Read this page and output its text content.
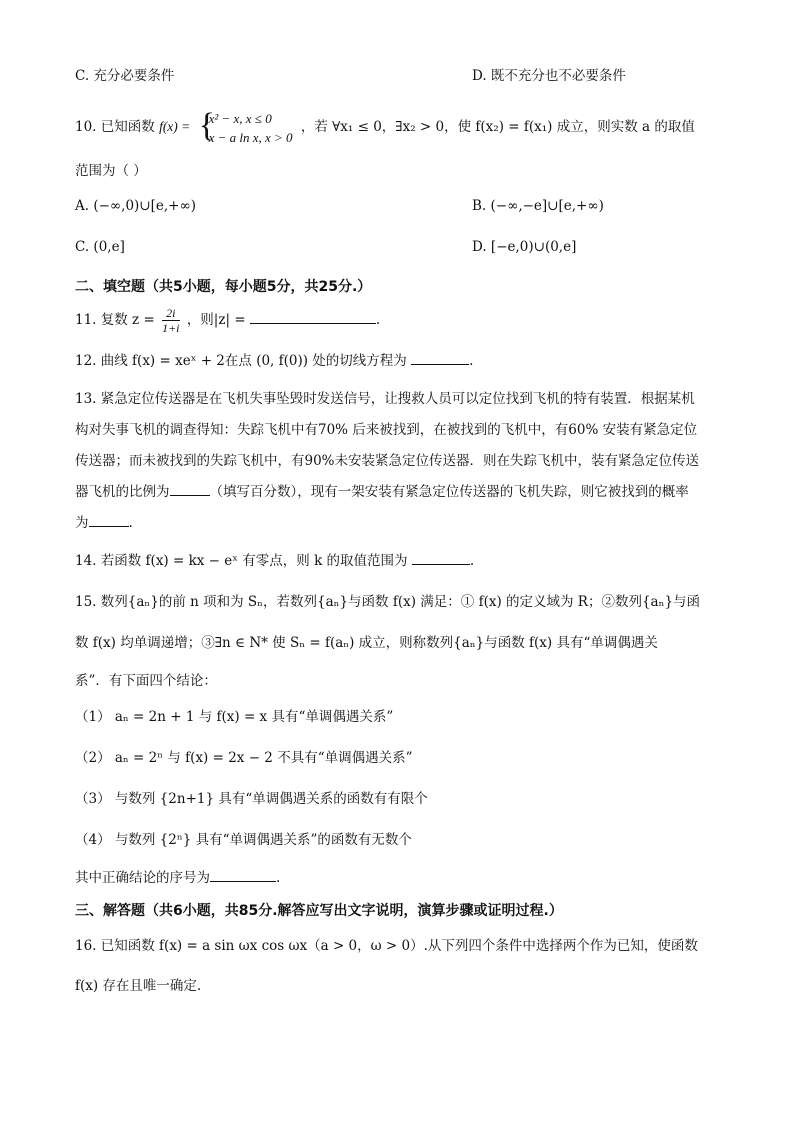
C. 充分必要条件	D. 既不充分也不必要条件
10. 已知函数 f(x) = {
x² − x, x ≤ 0
x − a ln x, x > 0
，若 ∀x₁ ≤ 0，∃x₂ > 0，使 f(x₂) = f(x₁) 成立，则实数 a 的取值
范围为（ ）
A. (−∞,0)∪[e,+∞)	B. (−∞,−e]∪[e,+∞)
C. (0,e]	D. [−e,0)∪(0,e]
二、填空题（共5小题，每小题5分，共25分.）
11. 复数 $z = \frac{2i}{1+i}$ ，则|z| =	.
12. 曲线 f(x) = xeˣ + 2在点 (0, f(0)) 处的切线方程为	.
13. 紧急定位传送器是在飞机失事坠毁时发送信号，让搜救人员可以定位找到飞机的特有装置．根据某机
构对失事飞机的调查得知：失踪飞机中有70% 后来被找到，在被找到的飞机中，有60% 安装有紧急定位
传送器；而未被找到的失踪飞机中，有90%未安装紧急定位传送器．则在失踪飞机中，装有紧急定位传送
器飞机的比例为	（填写百分数），现有一架安装有紧急定位传送器的飞机失踪，则它被找到的概率
为	.
14. 若函数 f(x) = kx − eˣ 有零点，则 k 的取值范围为	.
15. 数列{aₙ}的前 n 项和为 Sₙ，若数列{aₙ}与函数 f(x) 满足：① f(x) 的定义域为 R；②数列{aₙ}与函
数 f(x) 均单调递增；③∃n ∈ N* 使 Sₙ = f(aₙ) 成立，则称数列{aₙ}与函数 f(x) 具有“单调偶遇关
系”．有下面四个结论：
（1） aₙ = 2n + 1 与 f(x) = x 具有“单调偶遇关系”
（2） aₙ = 2ⁿ 与 f(x) = 2x − 2 不具有“单调偶遇关系”
（3） 与数列 {2n+1} 具有“单调偶遇关系的函数有有限个
（4） 与数列 {2ⁿ} 具有“单调偶遇关系”的函数有无数个
其中正确结论的序号为	.
三、解答题（共6小题，共85分.解答应写出文字说明，演算步骤或证明过程.）
16. 已知函数 f(x) = a sin ωx cos ωx（a > 0，ω > 0）.从下列四个条件中选择两个作为已知，使函数
f(x) 存在且唯一确定.
